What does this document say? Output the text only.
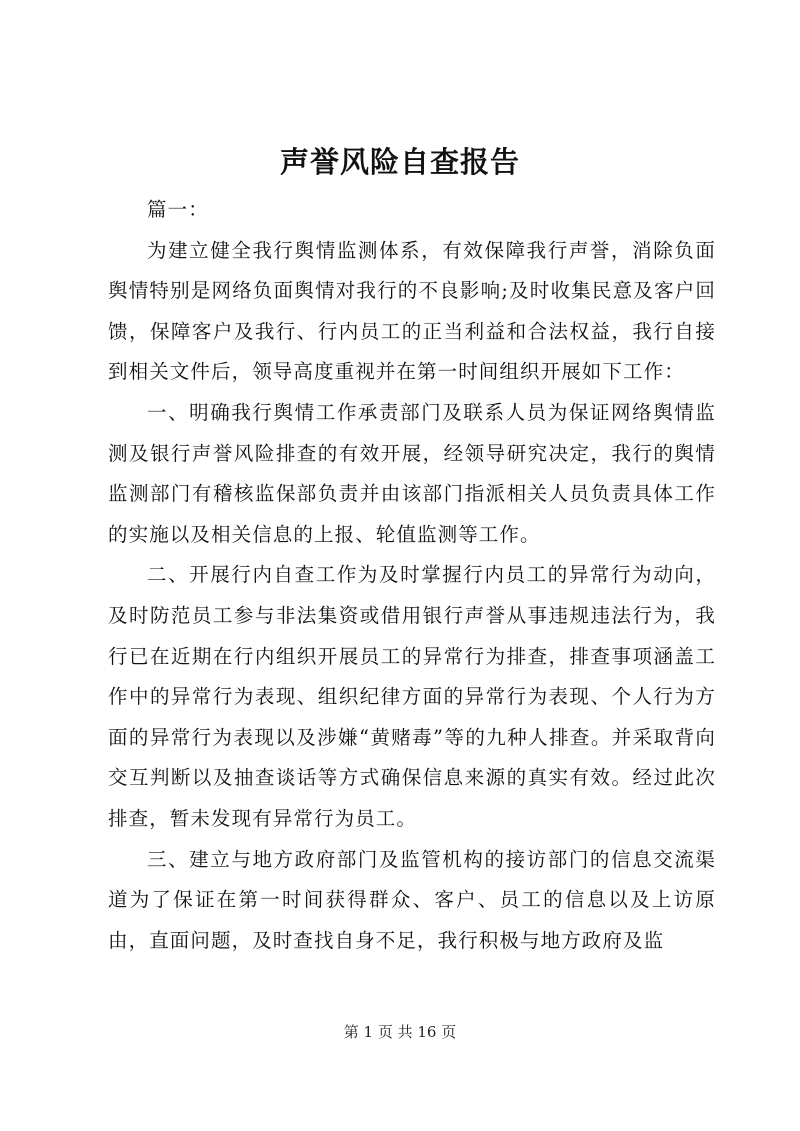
声誉风险自查报告

篇一：

为建立健全我行舆情监测体系，有效保障我行声誉，消除负面舆情特别是网络负面舆情对我行的不良影响;及时收集民意及客户回馈，保障客户及我行、行内员工的正当利益和合法权益，我行自接到相关文件后，领导高度重视并在第一时间组织开展如下工作：

一、明确我行舆情工作承责部门及联系人员为保证网络舆情监测及银行声誉风险排查的有效开展，经领导研究决定，我行的舆情监测部门有稽核监保部负责并由该部门指派相关人员负责具体工作的实施以及相关信息的上报、轮值监测等工作。

二、开展行内自查工作为及时掌握行内员工的异常行为动向，及时防范员工参与非法集资或借用银行声誉从事违规违法行为，我行已在近期在行内组织开展员工的异常行为排查，排查事项涵盖工作中的异常行为表现、组织纪律方面的异常行为表现、个人行为方面的异常行为表现以及涉嫌“黄赌毒”等的九种人排查。并采取背向交互判断以及抽查谈话等方式确保信息来源的真实有效。经过此次排查，暂未发现有异常行为员工。

三、建立与地方政府部门及监管机构的接访部门的信息交流渠道为了保证在第一时间获得群众、客户、员工的信息以及上访原由，直面问题，及时查找自身不足，我行积极与地方政府及监

第 1 页 共 16 页
